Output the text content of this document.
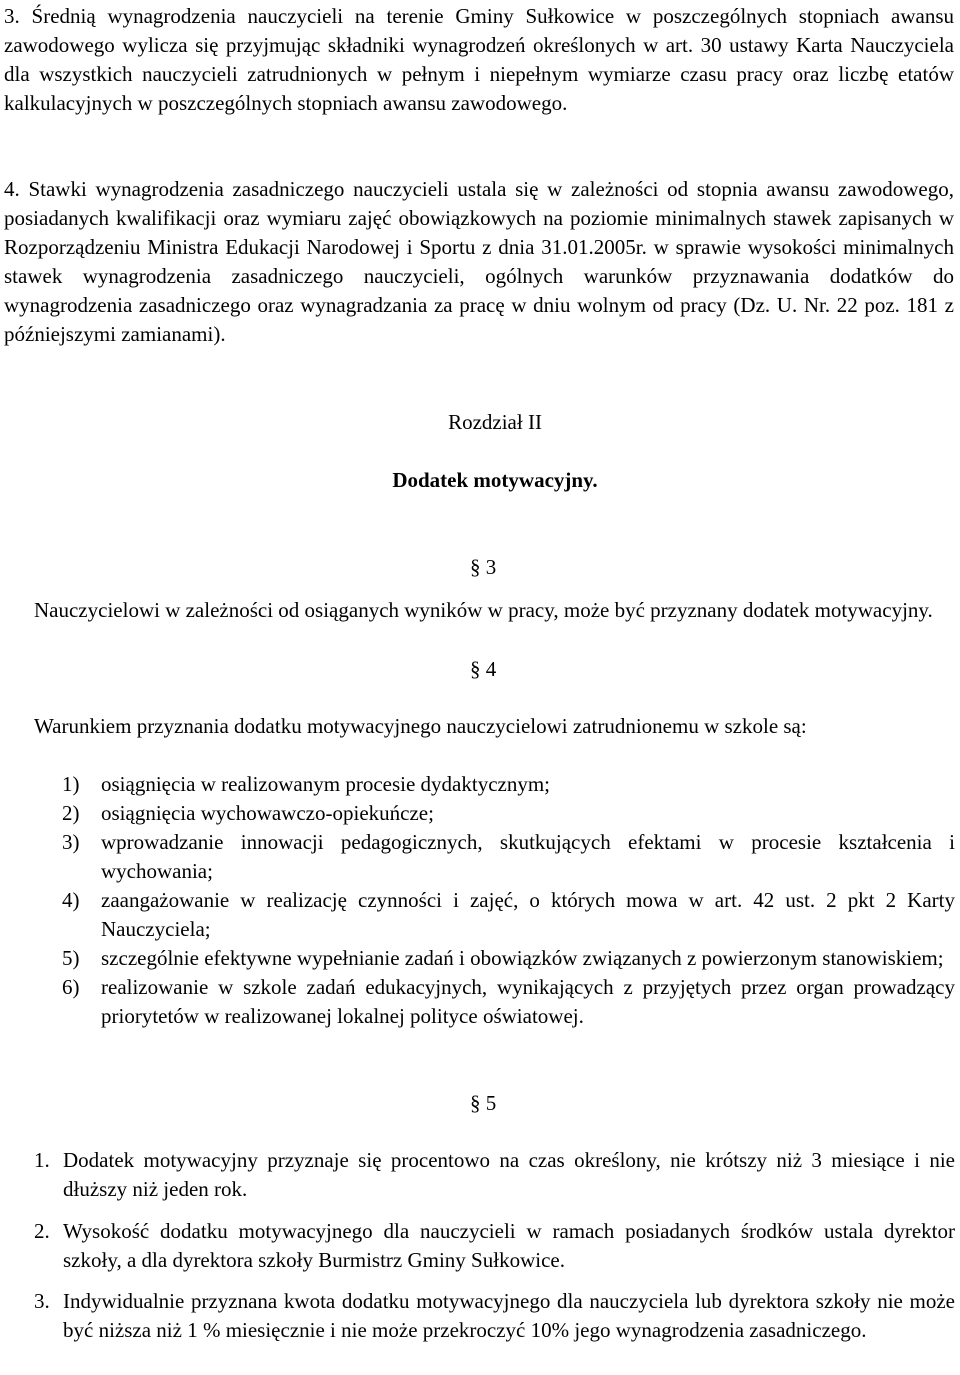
3. Średnią wynagrodzenia nauczycieli na terenie Gminy Sułkowice w poszczególnych stopniach awansu zawodowego wylicza się przyjmując składniki wynagrodzeń określonych w art. 30 ustawy Karta Nauczyciela dla wszystkich nauczycieli zatrudnionych w pełnym i niepełnym wymiarze czasu pracy oraz liczbę etatów kalkulacyjnych w poszczególnych stopniach awansu zawodowego.

4. Stawki wynagrodzenia zasadniczego nauczycieli ustala się w zależności od stopnia awansu zawodowego, posiadanych kwalifikacji oraz wymiaru zajęć obowiązkowych na poziomie minimalnych stawek zapisanych w Rozporządzeniu Ministra Edukacji Narodowej i Sportu z dnia 31.01.2005r. w sprawie wysokości minimalnych stawek wynagrodzenia zasadniczego nauczycieli, ogólnych warunków przyznawania dodatków do wynagrodzenia zasadniczego oraz wynagradzania za pracę w dniu wolnym od pracy (Dz. U. Nr. 22 poz. 181 z późniejszymi zamianami).

Rozdział II
Dodatek motywacyjny.
§ 3

Nauczycielowi w zależności od osiąganych wyników w pracy, może być przyznany dodatek motywacyjny.

§ 4

Warunkiem przyznania dodatku motywacyjnego nauczycielowi zatrudnionemu w szkole są:

1) osiągnięcia w realizowanym procesie dydaktycznym;
2) osiągnięcia wychowawczo-opiekuńcze;
3) wprowadzanie innowacji pedagogicznych, skutkujących efektami w procesie kształcenia i wychowania;
4) zaangażowanie w realizację czynności i zajęć, o których mowa w art. 42 ust. 2 pkt 2 Karty Nauczyciela;
5) szczególnie efektywne wypełnianie zadań i obowiązków związanych z powierzonym stanowiskiem;
6) realizowanie w szkole zadań edukacyjnych, wynikających z przyjętych przez organ prowadzący priorytetów w realizowanej lokalnej polityce oświatowej.
§ 5
1. Dodatek motywacyjny przyznaje się procentowo na czas określony, nie krótszy niż 3 miesiące i nie dłuższy niż jeden rok.
2. Wysokość dodatku motywacyjnego dla nauczycieli w ramach posiadanych środków ustala dyrektor szkoły, a dla dyrektora szkoły Burmistrz Gminy Sułkowice.
3. Indywidualnie przyznana kwota dodatku motywacyjnego dla nauczyciela lub dyrektora szkoły nie może być niższa niż 1 % miesięcznie i nie może przekroczyć 10% jego wynagrodzenia zasadniczego.
